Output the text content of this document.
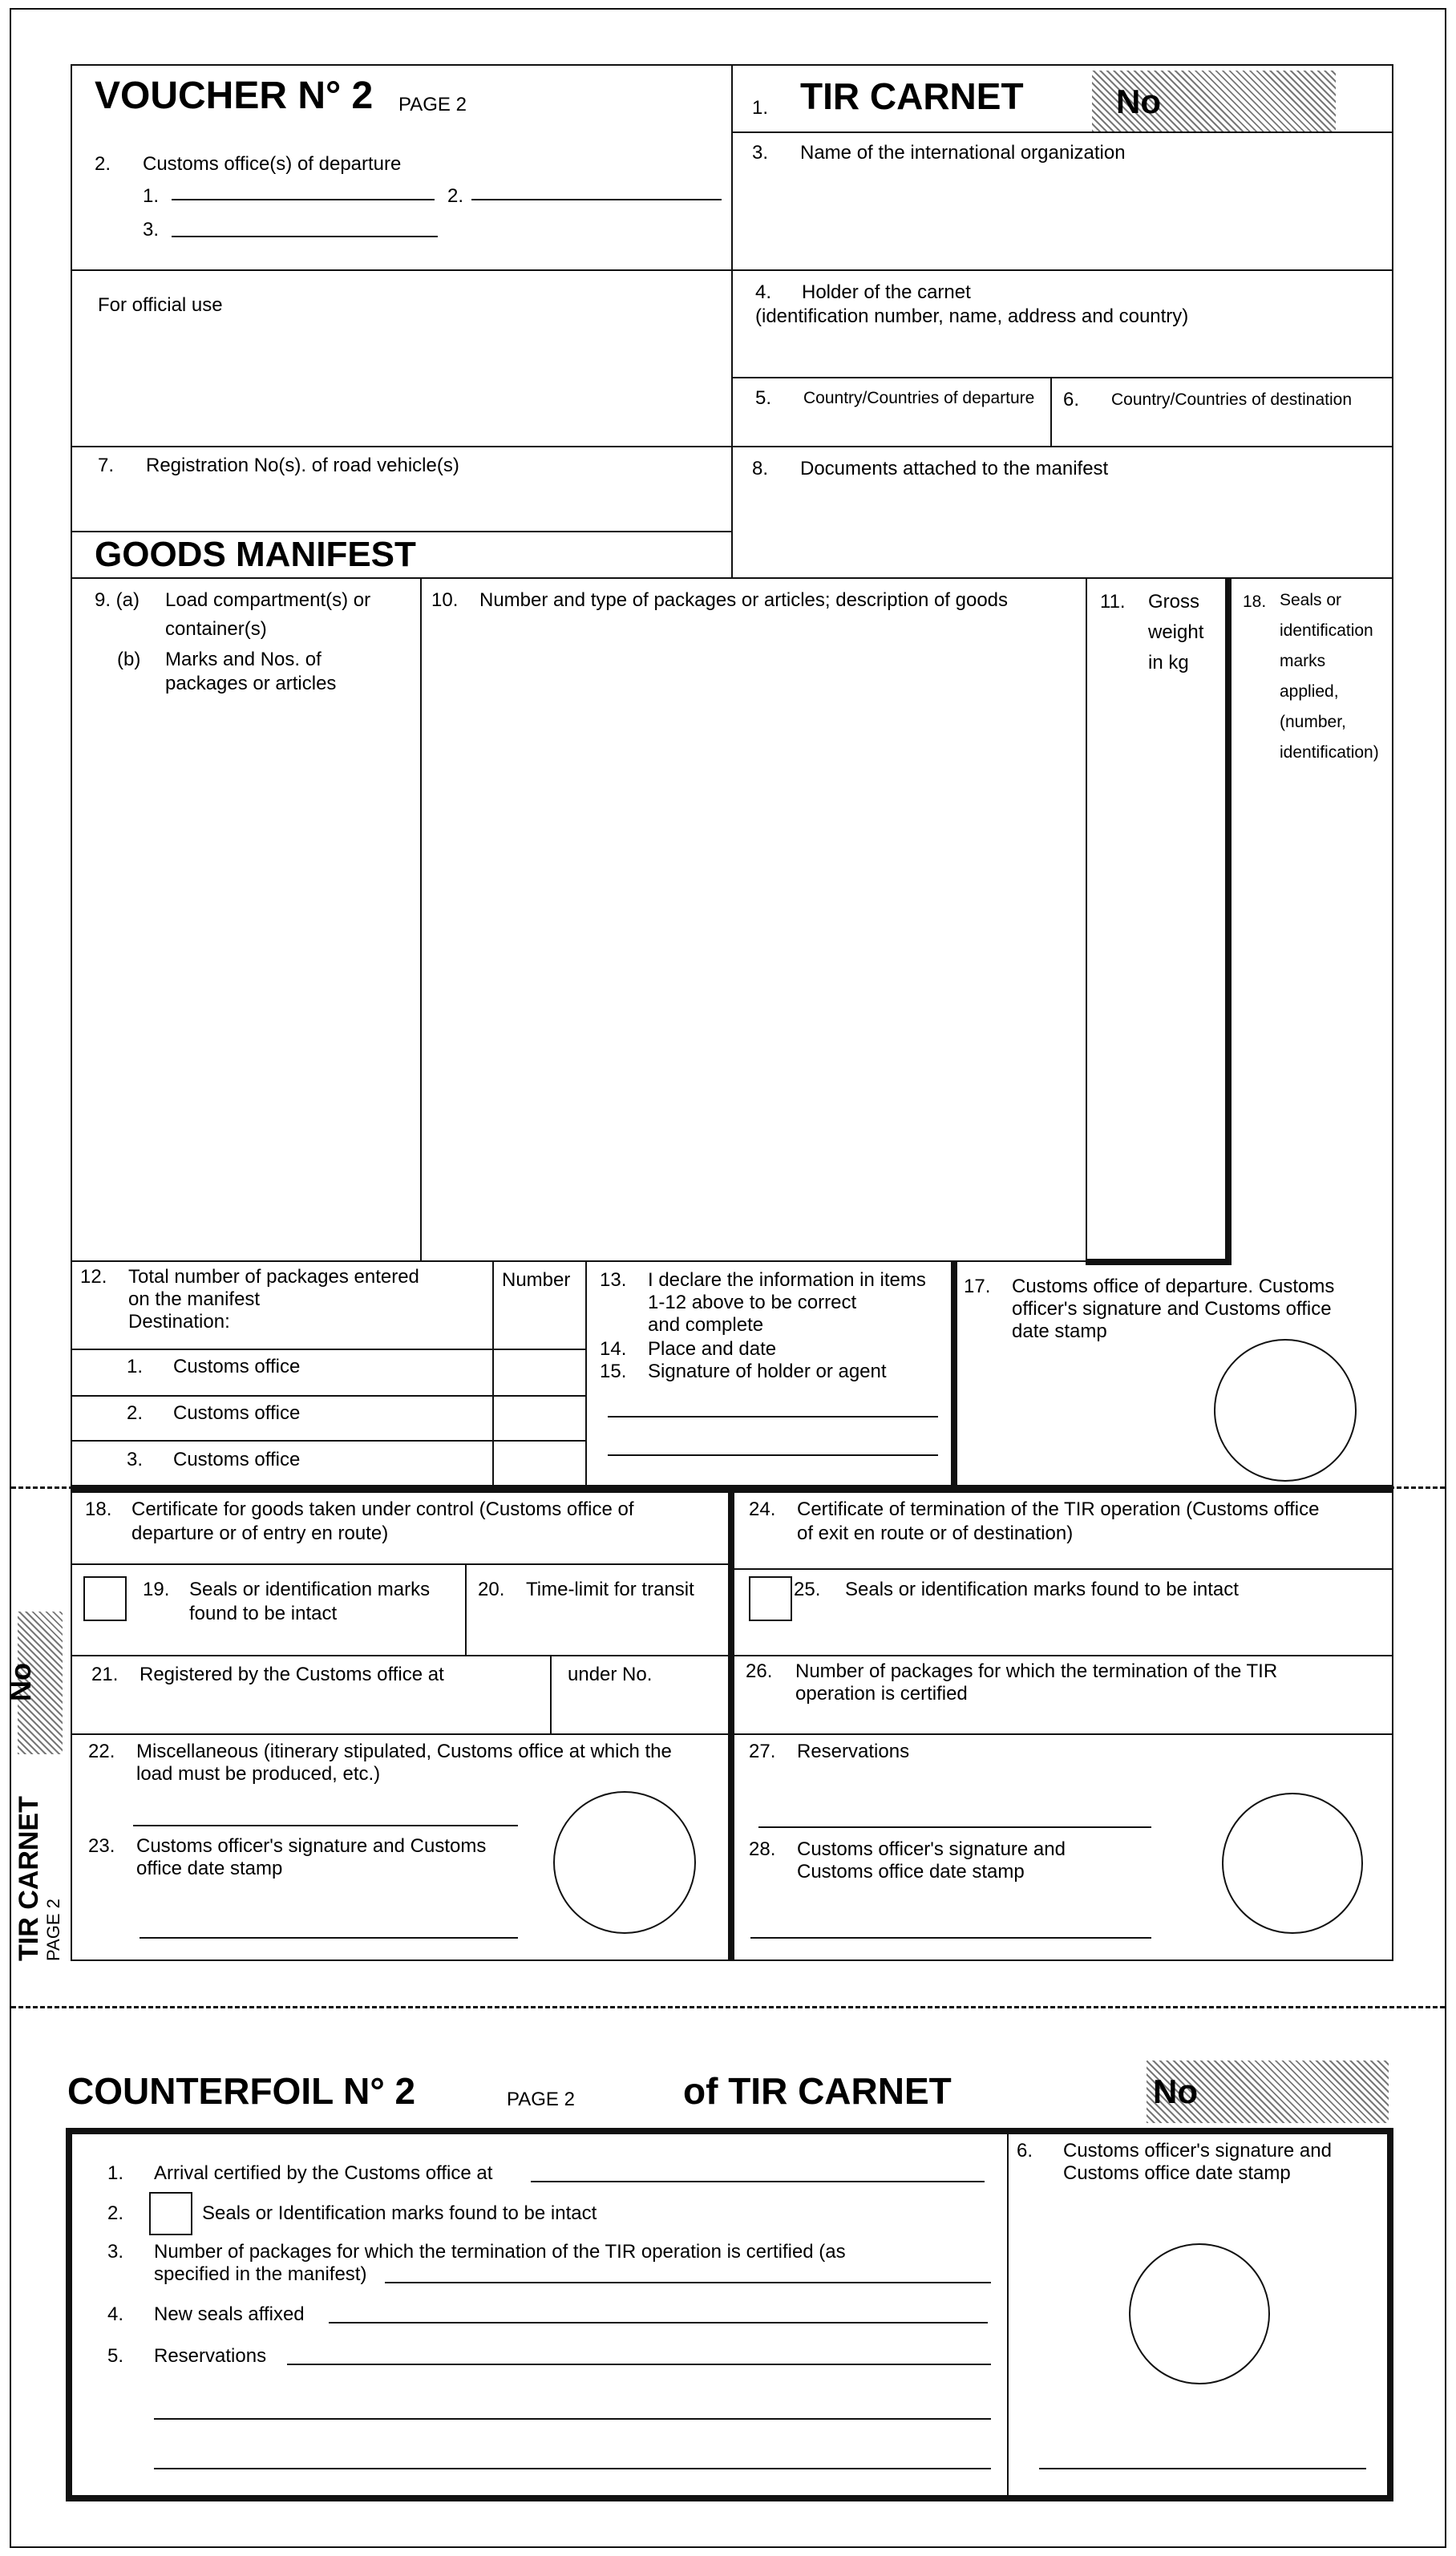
VOUCHER N° 2 PAGE 2	1. TIR CARNET	No
2. Customs office(s) of departure
1.	2.
3.
3. Name of the international organization
For official use
4. Holder of the carnet
(identification number, name, address and country)
5. Country/Countries of departure 6. Country/Countries of destination
7. Registration No(s). of road vehicle(s)	8. Documents attached to the manifest
GOODS MANIFEST
9. (a) Load compartment(s) or
container(s)
(b) Marks and Nos. of
packages or articles
10. Number and type of packages or articles; description of goods	11. Gross
weight
in kg
18. Seals or
identification
marks
applied,
(number,
identification)
12. Total number of packages entered
on the manifest
Destination:
Number
1. Customs office
2. Customs office
3. Customs office
13. I declare the information in items
1-12 above to be correct
and complete
14. Place and date
15. Signature of holder or agent
17. Customs office of departure. Customs
officer's signature and Customs office
date stamp
18. Certificate for goods taken under control (Customs office of
departure or of entry en route)
19. Seals or identification marks
found to be intact
20. Time-limit for transit
21. Registered by the Customs office at	under No.
22. Miscellaneous (itinerary stipulated, Customs office at which the
load must be produced, etc.)
23. Customs officer's signature and Customs
office date stamp
24. Certificate of termination of the TIR operation (Customs office
of exit en route or of destination)
25. Seals or identification marks found to be intact
26. Number of packages for which the termination of the TIR
operation is certified
27. Reservations
28. Customs officer's signature and
Customs office date stamp
No
TIR CARNET PAGE 2
COUNTERFOIL N° 2	PAGE 2	of TIR CARNET	No
1. Arrival certified by the Customs office at
2.	Seals or Identification marks found to be intact
3. Number of packages for which the termination of the TIR operation is certified (as
specified in the manifest)
4. New seals affixed
5. Reservations
6. Customs officer's signature and
Customs office date stamp
